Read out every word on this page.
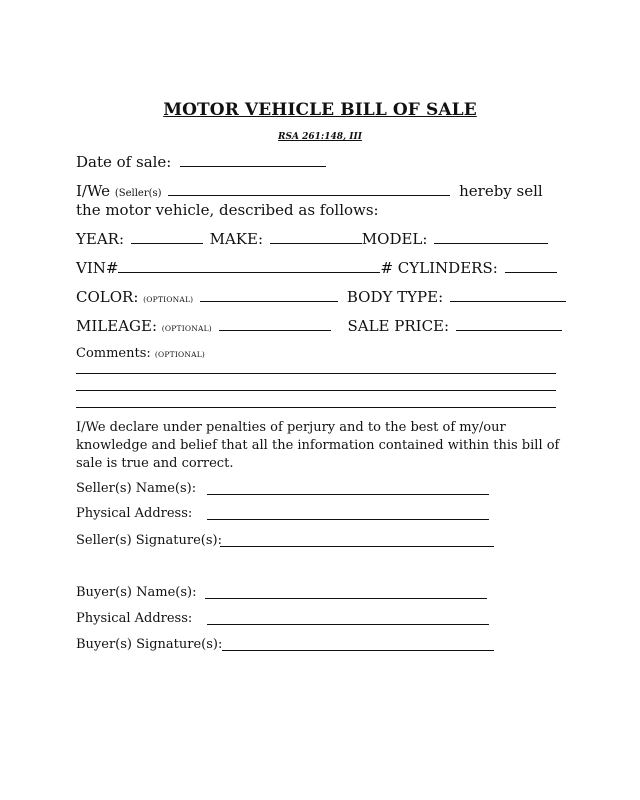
MOTOR VEHICLE BILL OF SALE
RSA 261:148, III
Date of sale:
I/We (Seller(s)	hereby sell
the motor vehicle, described as follows:
YEAR:	MAKE:	MODEL:
VIN#	# CYLINDERS:
COLOR: (OPTIONAL)	BODY TYPE:
MILEAGE: (OPTIONAL)	SALE PRICE:
Comments: (OPTIONAL)
I/We declare under penalties of perjury and to the best of my/our knowledge and belief that all the information contained within this bill of sale is true and correct.
Seller(s) Name(s):
Physical Address:
Seller(s) Signature(s):
Buyer(s) Name(s):
Physical Address:
Buyer(s) Signature(s):
